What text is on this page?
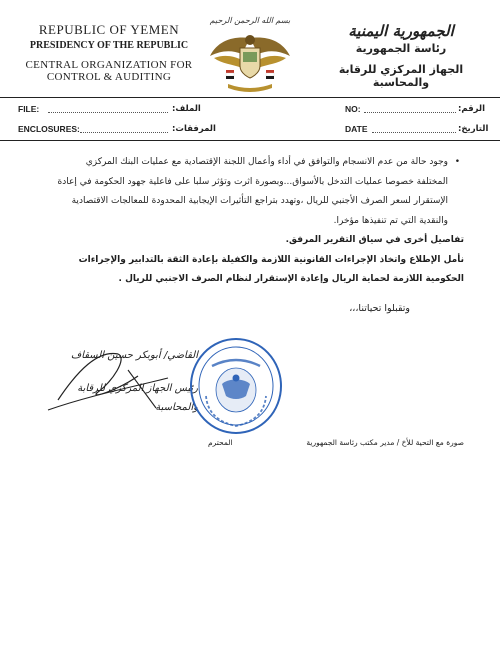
REPUBLIC OF YEMEN
PRESIDENCY OF THE REPUBLIC
CENTRAL ORGANIZATION FOR
CONTROL & AUDITING
بسم الله الرحمن الرحيم
الجمهورية اليمنية
رئاسة الجمهورية
الجهاز المركزي للرقابة والمحاسبة
FILE:	الملف:	NO:	الرقم:
ENCLOSURES:	المرفقات:	DATE	التاريخ:

•
وجود حالة من عدم الانسجام والتوافق في أداء وأعمال اللجنة الإقتصادية مع عمليات البنك المركزي المختلفة خصوصا عمليات التدخل بالأسواق...وبصورة اثرت وتؤثر سلبا على فاعلية جهود الحكومة في إعادة الإستقرار لسعر الصرف الأجنبي للريال ،وتهدد بتراجع التأثيرات الإيجابية المحدودة للمعالجات الاقتصادية والنقدية التي تم تنفيذها مؤخرا.

تفاصيل أخرى في سياق التقرير المرفق.

نأمل الإطلاع واتخاذ الإجراءات القانونية اللازمة والكفيلة بإعادة الثقة بالتدابير والإجراءات الحكومية اللازمة لحماية الريال وإعادة الإستقرار لنظام الصرف الاجنبي للريال .

وتقبلوا تحياتنا،،،
القاضي/ أبوبكر حسين السقاف
رئيس الجهاز المركزي للرقابة
والمحاسبة
المحترم	صورة مع التحية للأخ / مدير مكتب رئاسة الجمهورية
